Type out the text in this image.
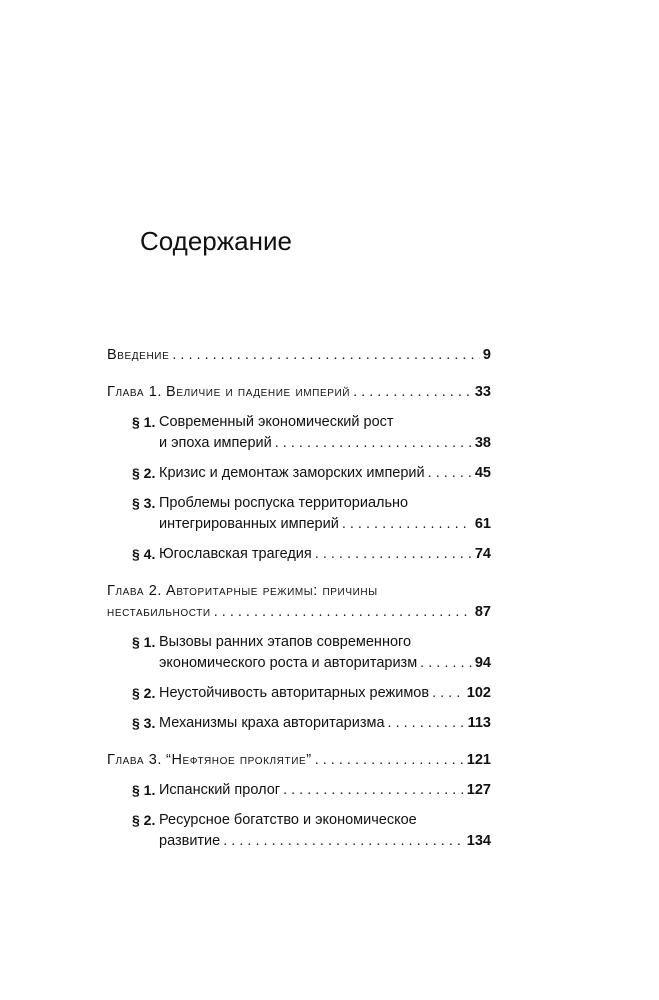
Содержание
Введение . . .	9
Глава 1.
Величие и падение империй . . .	33
§ 1. Современный экономический рост
и эпоха империй . . .	38
§ 2. Кризис и демонтаж заморских империй . . .	45
§ 3. Проблемы роспуска территориально
интегрированных империй . . .	61
§ 4. Югославская трагедия . . .	74
Глава 2.
Авторитарные режимы: причины
нестабильности . . .	87
§ 1. Вызовы ранних этапов современного
экономического роста и авторитаризм . . .	94
§ 2. Неустойчивость авторитарных режимов . . .	102
§ 3. Механизмы краха авторитаризма . . .	113
Глава 3.
“Нефтяное проклятие” . . .	121
§ 1. Испанский пролог . . .	127
§ 2. Ресурсное богатство и экономическое
развитие . . .	134
